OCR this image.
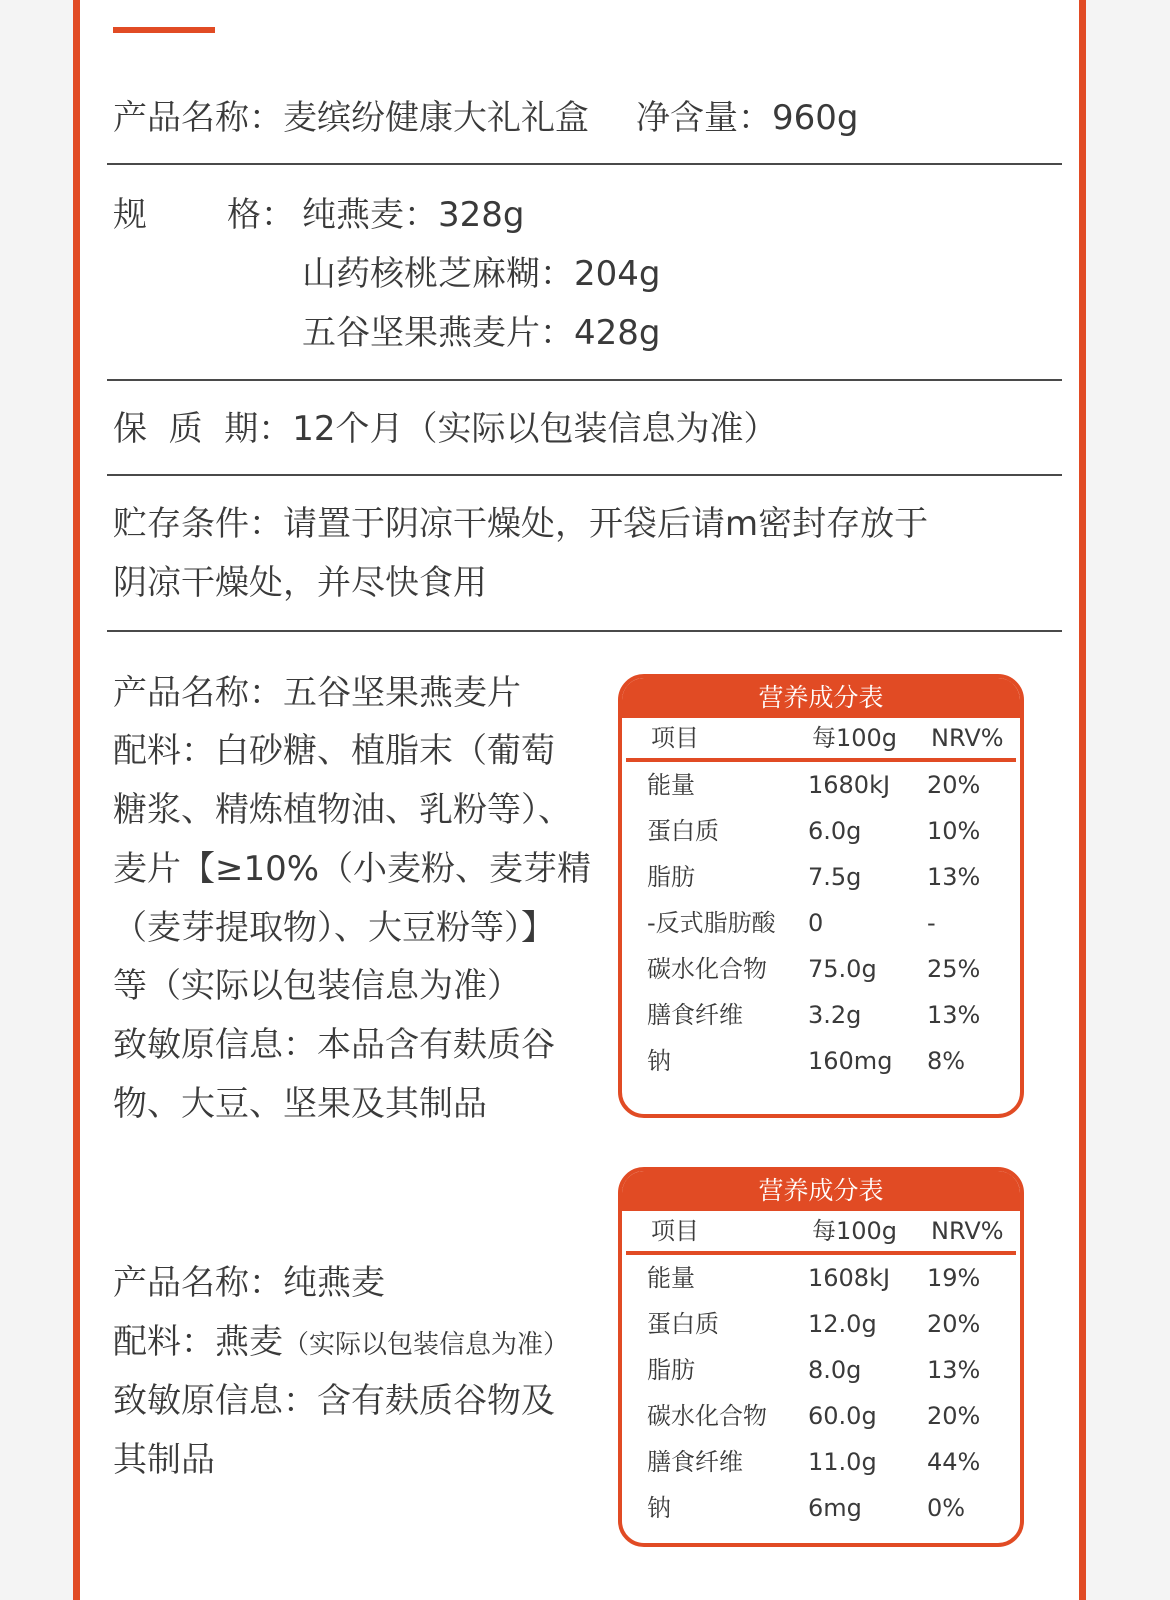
产品名称：麦缤纷健康大礼礼盒 净含量：960g
规 格： 纯燕麦：328g
山药核桃芝麻糊：204g
五谷坚果燕麦片：428g
保  质  期：12个月（实际以包装信息为准）
贮存条件：请置于阴凉干燥处，开袋后请m密封存放于
阴凉干燥处，并尽快食用
产品名称：五谷坚果燕麦片
配料：白砂糖、植脂末（葡萄
糖浆、精炼植物油、乳粉等）、
麦片【≥10%（小麦粉、麦芽精
（麦芽提取物）、大豆粉等）】
等（实际以包装信息为准）
致敏原信息：本品含有麸质谷
物、大豆、坚果及其制品
营养成分表
项目	每100g NRV%
能量	1680kJ 20%
蛋白质	6.0g	10%
脂肪	7.5g	13%
-反式脂肪酸 0	-
碳水化合物 75.0g 25%
膳食纤维	3.2g	13%
钠	160mg 8%
产品名称：纯燕麦
配料：燕麦（实际以包装信息为准）
致敏原信息：含有麸质谷物及
其制品
营养成分表
项目	每100g NRV%
能量	1608kJ 19%
蛋白质	12.0g 20%
脂肪	8.0g	13%
碳水化合物 60.0g 20%
膳食纤维	11.0g 44%
钠	6mg	0%
